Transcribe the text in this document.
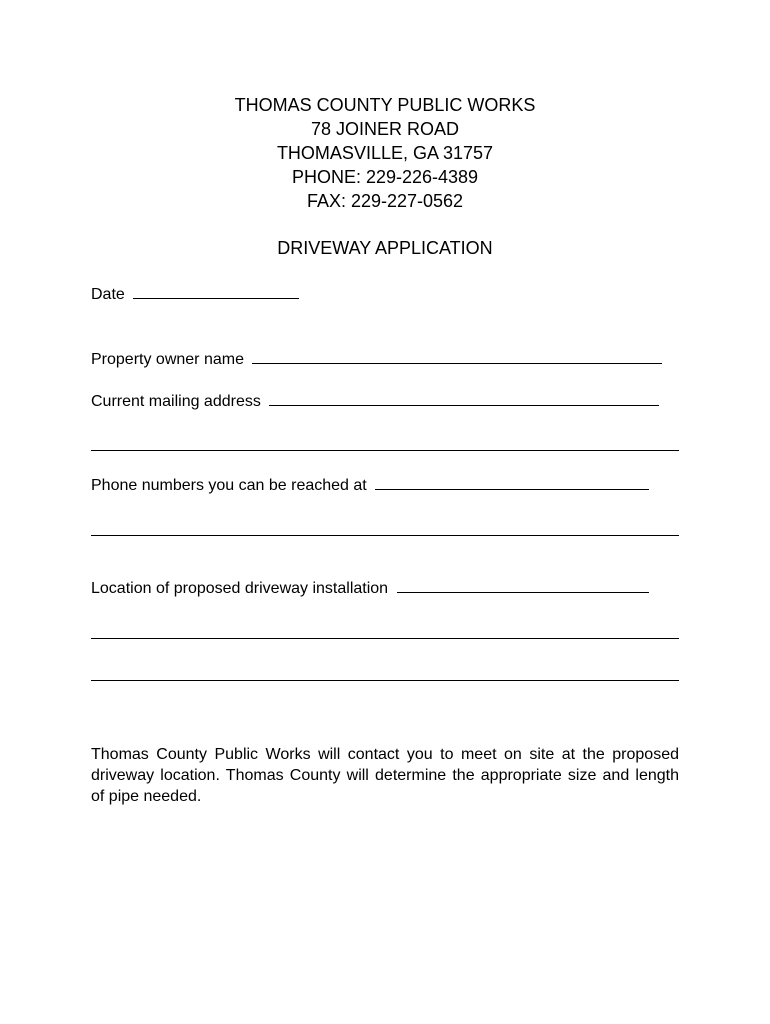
THOMAS COUNTY PUBLIC WORKS
78 JOINER ROAD
THOMASVILLE, GA 31757
PHONE: 229-226-4389
FAX: 229-227-0562
DRIVEWAY APPLICATION
Date
Property owner name
Current mailing address
Phone numbers you can be reached at
Location of proposed driveway installation
Thomas County Public Works will contact you to meet on site at the proposed driveway location. Thomas County will determine the appropriate size and length of pipe needed.
